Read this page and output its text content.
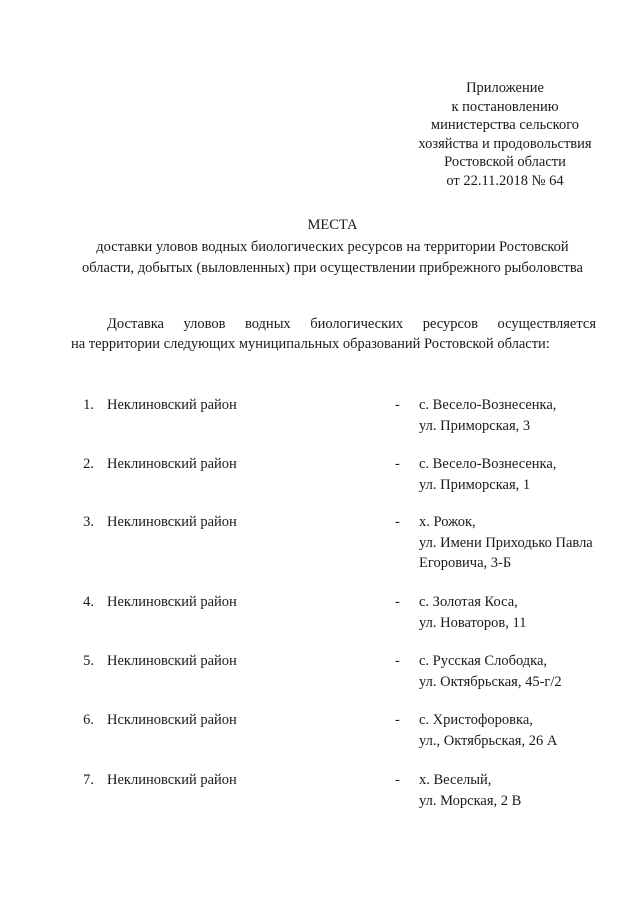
Приложение
к постановлению
министерства сельского
хозяйства и продовольствия
Ростовской области
от 22.11.2018 № 64
МЕСТА
доставки уловов водных биологических ресурсов на территории Ростовской
области, добытых (выловленных) при осуществлении прибрежного рыболовства
Доставка уловов водных биологических ресурсов осуществляется
на территории следующих муниципальных образований Ростовской области:
1. Неклиновский район	- с. Весело-Вознесенка,
ул. Приморская, 3
2. Неклиновский район	- с. Весело-Вознесенка,
ул. Приморская, 1
3. Неклиновский район	- х. Рожок,
ул. Имени Приходько Павла
Егоровича, 3-Б
4. Неклиновский район	- с. Золотая Коса,
ул. Новаторов, 11
5. Неклиновский район	- с. Русская Слободка,
ул. Октябрьская, 45-г/2
6. Нсклиновский район	- с. Христофоровка,
ул., Октябрьская, 26 А
7. Неклиновский район	- х. Веселый,
ул. Морская, 2 В
